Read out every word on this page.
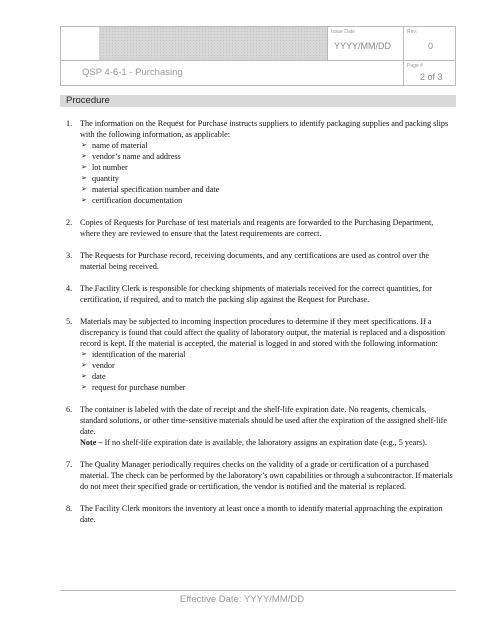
Issue Date
YYYY/MM/DD
Rev:
0
QSP 4-6-1 - Purchasing
Page #
2 of 3
Procedure
1. The information on the Request for Purchase instructs suppliers to identify packaging supplies and packing slips with the following information, as applicable:

➢ name of material
➢ vendor’s name and address
➢ lot number
➢ quantity
➢ material specification number and date
➢ certification documentation
2. Copies of Requests for Purchase of test materials and reagents are forwarded to the Purchasing Department, where they are reviewed to ensure that the latest requirements are correct.

3. The Requests for Purchase record, receiving documents, and any certifications are used as control over the material being received.

4. The Facility Clerk is responsible for checking shipments of materials received for the correct quantities, for certification, if required, and to match the packing slip against the Request for Purchase.

5. Materials may be subjected to incoming inspection procedures to determine if they meet specifications. If a discrepancy is found that could affect the quality of laboratory output, the material is replaced and a disposition record is kept. If the material is accepted, the material is logged in and stored with the following information:

➢ identification of the material
➢ vendor
➢ date
➢ request for purchase number
6. The container is labeled with the date of receipt and the shelf-life expiration date. No reagents, chemicals, standard solutions, or other time-sensitive materials should be used after the expiration of the assigned shelf-life date.

Note – If no shelf-life expiration date is available, the laboratory assigns an expiration date (e.g., 5 years).

7. The Quality Manager periodically requires checks on the validity of a grade or certification of a purchased material. The check can be performed by the laboratory’s own capabilities or through a subcontractor. If materials do not meet their specified grade or certification, the vendor is notified and the material is replaced.

8. The Facility Clerk monitors the inventory at least once a month to identify material approaching the expiration date.

Effective Date: YYYY/MM/DD
